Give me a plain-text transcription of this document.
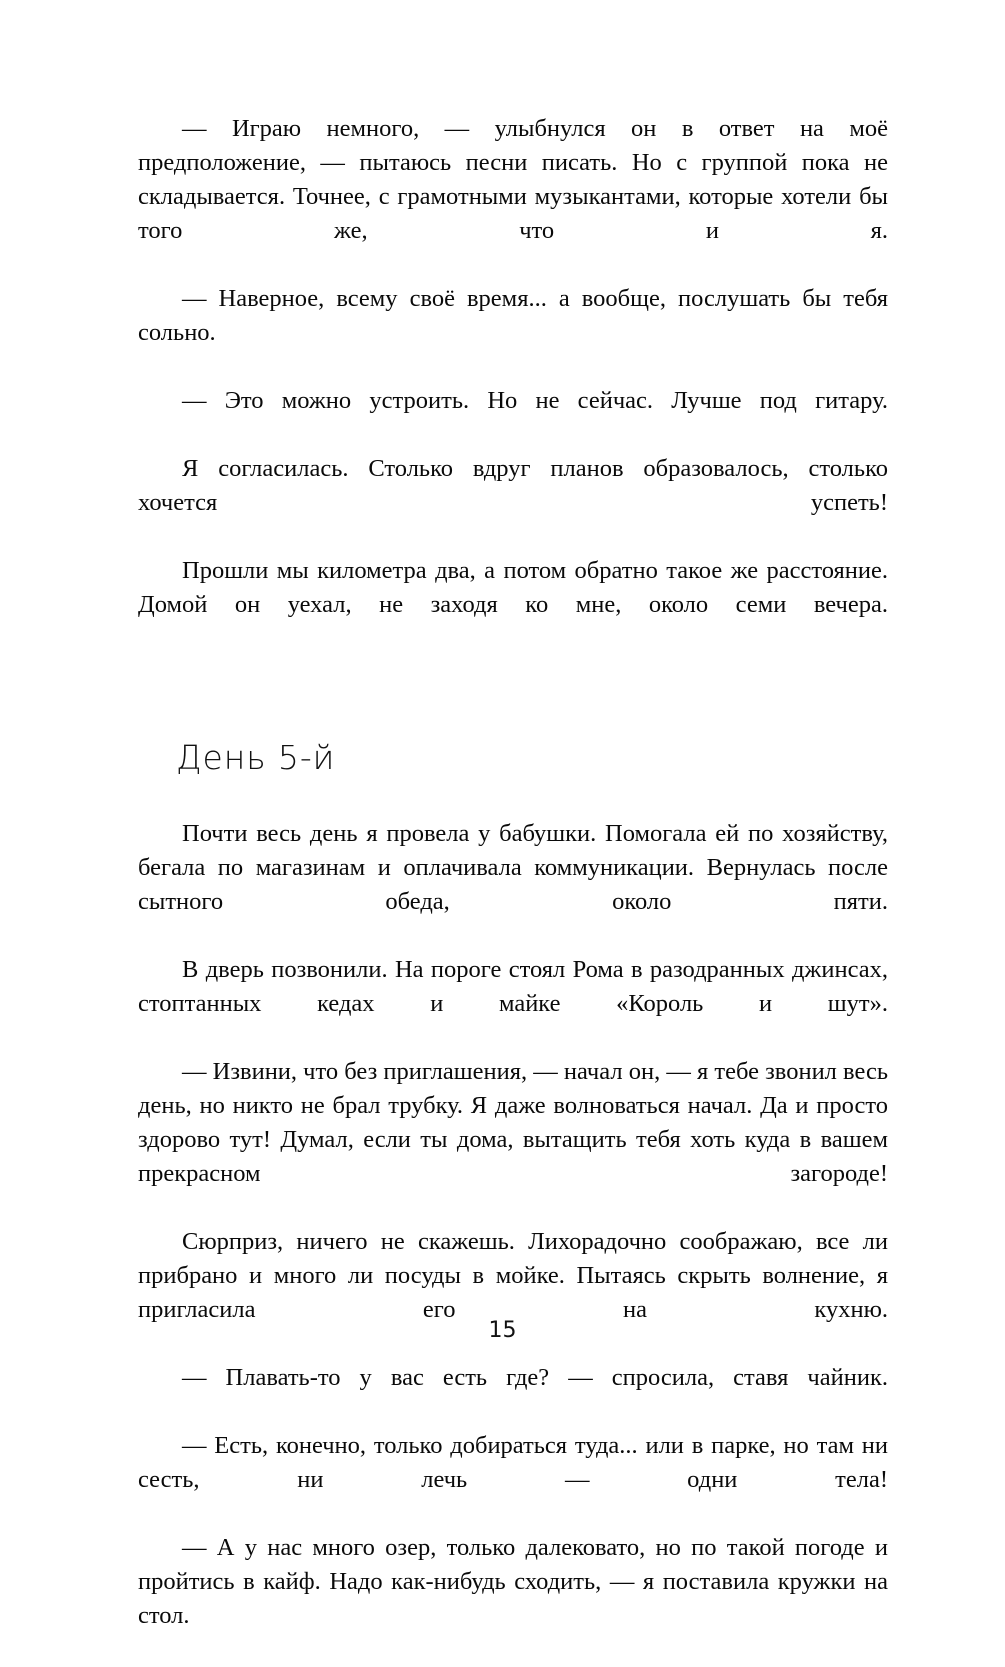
— Играю немного, — улыбнулся он в ответ на моё предположение, — пытаюсь песни писать. Но с группой пока не складывается. Точнее, с грамотными музыкантами, которые хотели бы того же, что и я.

— Наверное, всему своё время... а вообще, послушать бы тебя сольно.

— Это можно устроить. Но не сейчас. Лучше под гитару.

Я согласилась. Столько вдруг планов образовалось, столько хочется успеть!

Прошли мы километра два, а потом обратно такое же расстояние. Домой он уехал, не заходя ко мне, около семи вечера.

День 5-й

Почти весь день я провела у бабушки. Помогала ей по хозяйству, бегала по магазинам и оплачивала коммуникации. Вернулась после сытного обеда, около пяти.

В дверь позвонили. На пороге стоял Рома в разодранных джинсах, стоптанных кедах и майке «Король и шут».

— Извини, что без приглашения, — начал он, — я тебе звонил весь день, но никто не брал трубку. Я даже волноваться начал. Да и просто здорово тут! Думал, если ты дома, вытащить тебя хоть куда в вашем прекрасном загороде!

Сюрприз, ничего не скажешь. Лихорадочно соображаю, все ли прибрано и много ли посуды в мойке. Пытаясь скрыть волнение, я пригласила его на кухню.

— Плавать-то у вас есть где? — спросила, ставя чайник.

— Есть, конечно, только добираться туда... или в парке, но там ни сесть, ни лечь — одни тела!

— А у нас много озер, только далековато, но по такой погоде и пройтись в кайф. Надо как-нибудь сходить, — я поставила кружки на стол.

15
